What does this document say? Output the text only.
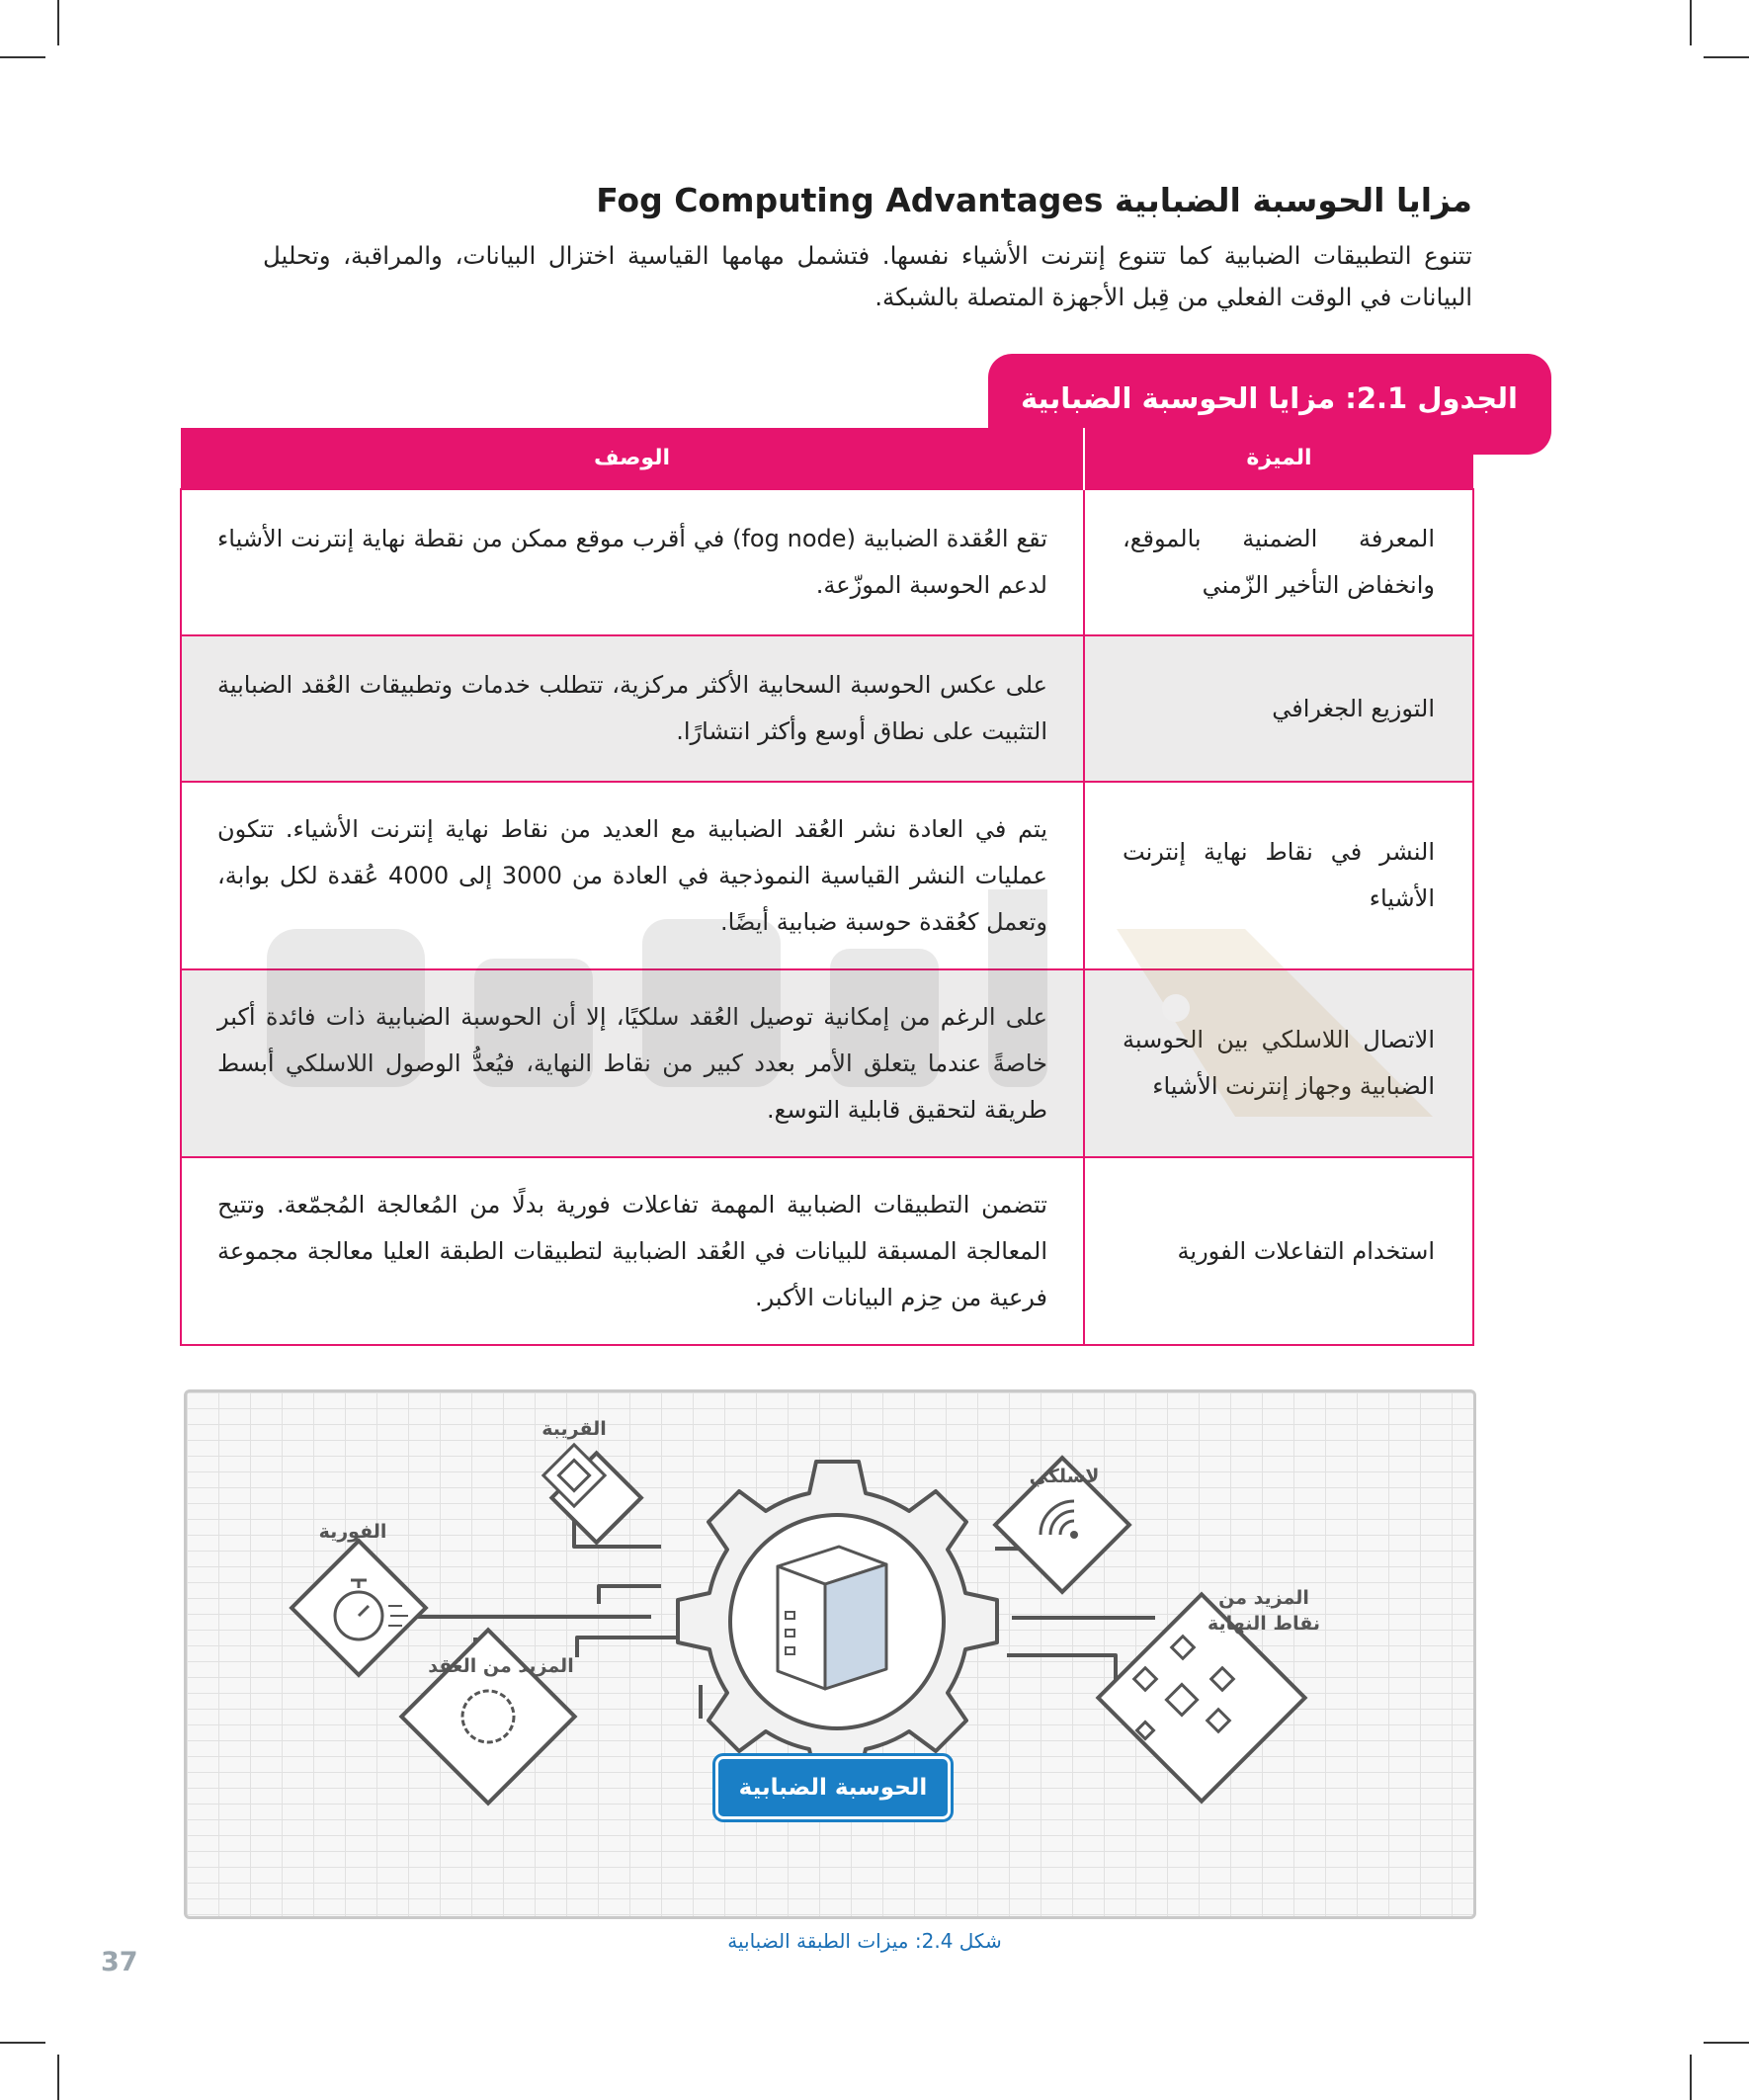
مزايا الحوسبة الضبابية Fog Computing Advantages
تتنوع التطبيقات الضبابية كما تتنوع إنترنت الأشياء نفسها. فتشمل مهامها القياسية اختزال البيانات، والمراقبة، وتحليل البيانات في الوقت الفعلي من قِبل الأجهزة المتصلة بالشبكة.
الجدول 2.1: مزايا الحوسبة الضبابية
الميزة	الوصف
المعرفة الضمنية بالموقع، وانخفاض التأخير الزّمني	تقع العُقدة الضبابية (fog node) في أقرب موقع ممكن من نقطة نهاية إنترنت الأشياء لدعم الحوسبة الموزّعة.
التوزيع الجغرافي	على عكس الحوسبة السحابية الأكثر مركزية، تتطلب خدمات وتطبيقات العُقد الضبابية التثبيت على نطاق أوسع وأكثر انتشارًا.
النشر في نقاط نهاية إنترنت الأشياء	يتم في العادة نشر العُقد الضبابية مع العديد من نقاط نهاية إنترنت الأشياء. تتكون عمليات النشر القياسية النموذجية في العادة من 3000 إلى 4000 عُقدة لكل بوابة، وتعمل كعُقدة حوسبة ضبابية أيضًا.
الاتصال اللاسلكي بين الحوسبة الضبابية وجهاز إنترنت الأشياء	على الرغم من إمكانية توصيل العُقد سلكيًا، إلا أن الحوسبة الضبابية ذات فائدة أكبر خاصةً عندما يتعلق الأمر بعدد كبير من نقاط النهاية، فيُعدُّ الوصول اللاسلكي أبسط طريقة لتحقيق قابلية التوسع.
استخدام التفاعلات الفورية	تتضمن التطبيقات الضبابية المهمة تفاعلات فورية بدلًا من المُعالجة المُجمّعة. وتتيح المعالجة المسبقة للبيانات في العُقد الضبابية لتطبيقات الطبقة العليا معالجة مجموعة فرعية من حِزم البيانات الأكبر.
القريبة
لاسلكي
الفورية
المزيد من
نقاط النهاية
المزيد من العُقد
الحوسبة الضبابية
شكل 2.4: ميزات الطبقة الضبابية
37
